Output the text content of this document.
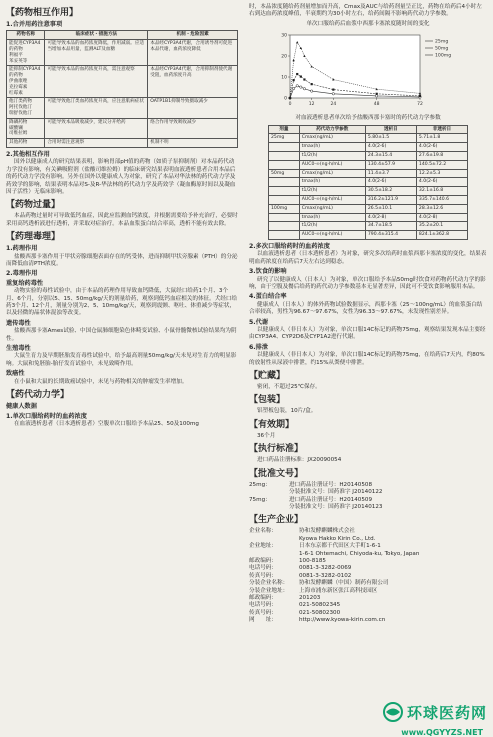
【药物相互作用】
1.合并用药注意事项
药物名称	临床症状・措施方法	机制・危险因素
能促进CYP3A4的药物
利福平
苯妥英等	可能导致本品的血药浓度降低，作用减弱。应适当增加本品用量，监测ALT及血糖	本品经CYP3A4代谢，合用诱导剂可促进本品代谢，血药浓度降低
能抑制CYP3A4的药物
伊曲康唑
克拉霉素
红霉素	可能导致本品的血药浓度升高，需注意观察	本品经CYP3A4代谢，合用抑制剂使代谢受阻，血药浓度升高
他汀类药物
阿托伐他汀
瑞舒伐他汀	可能导致他汀类血药浓度升高，应注意肌病症状	OATP1B1抑制导致摄取减少
降磷药物
碳酸镧
司维拉姆	可能导致本品吸收减少，建议分开给药	络合作用导致吸收减少
其他药物	合用时需注意观察	机制不明
2.其他相互作用

国外以健康成人的研究结果表明，影响胃部pH值的药物（如质子泵抑制剂）对本品药代动力学没有影响，有关碘吸附剂（盐酸司维拉姆）的临床研究结果表明血液透析患者合用本品后的药代动力学没有影响。另外在国外以健康成人为对象，研究了本品对华法林的药代动力学及药效学的影响，结果表明本品对S-及R-华法林的药代动力学及药效学（凝血酶原时间以及凝血因子活性）无临床影响。

【药物过量】

本品药物过量时可导致低钙血症，因此应监测血钙浓度，并根据需要给予补充治疗，必要时采用高钙透析液进行透析，并采取对症治疗。本品血浆蛋白结合率高，透析不能有效去除。

【药理毒理】
1.药理作用

盐酸西那卡塞作用于甲状旁腺细胞表面存在的钙受体，进而抑制甲状旁腺素（PTH）的分泌而降低血清PTH浓度。

2.毒理作用
重复给药毒性

动物实验的毒性试验中，由于本品的药理作用导致血钙降低，大鼠经口给药1个月、3个月、6个月，分别以5、15、50mg/kg/天的剂量给药，观察到低钙血症相关的体征。犬经口给药3个月、12个月，剂量分别为2、5、10mg/kg/天，观察到震颤、呕吐、体重减少等症状，以及轻微的晶状体混浊等改变。

遗传毒性

盐酸西那卡塞Ames试验、中国仓鼠肺细胞染色体畸变试验、小鼠骨髓微核试验结果均为阴性。

生殖毒性

大鼠生育力及早期胚胎发育毒性试验中，给予最高剂量50mg/kg/天未见对生育力的明显影响。大鼠和兔胚胎-胎仔发育试验中，未见致畸作用。

致癌性

在小鼠和大鼠的长期致癌试验中，未见与药物相关的肿瘤发生率增加。

【药代动力学】
健康人数据
1.单次口服给药时的血药浓度

在血液透析患者（日本透析患者）空腹单次口服给予本品25、50及100mg

时，本品浓度随给药剂量增加而升高，Cmax及AUC与给药剂量呈正比，药物在给药后4小时左右到达血药浓度峰值，半衰期约为30小时左右，给药间隔不影响药代动力学参数。

单次口服给药后血浆中西那卡塞浓度随时间的变化
0
10
20
30
0	12	24	48	72
25mg
50mg
100mg
对血液透析患者单次给予盐酸西那卡塞时的药代动力学参数
剂量	药代动力学参数	透析日	非透析日
25mg	Cmax(ng/mL)	5.80±1.5	5.71±1.8
	tmax(h)	4.0(2-6)	4.0(2-6)
	t1/2(h)	24.3±15.4	27.6±19.8
	AUC0-∞(ng·h/mL)	130.4±57.9	140.5±72.2
50mg	Cmax(ng/mL)	11.4±3.7	12.2±5.3
	tmax(h)	4.0(2-6)	4.0(2-6)
	t1/2(h)	30.5±18.2	32.1±16.8
	AUC0-∞(ng·h/mL)	316.2±121.9	335.7±140.6
100mg	Cmax(ng/mL)	26.5±10.1	28.3±12.6
	tmax(h)	4.0(2-8)	4.0(2-8)
	t1/2(h)	34.7±18.5	35.2±20.1
	AUC0-∞(ng·h/mL)	790.4±315.4	824.1±362.8
2.多次口服给药时的血药浓度

以血液透析患者（日本透析患者）为对象，研究多次给药时血浆西那卡塞浓度的变化，结果表明血药浓度在给药后7天左右达到稳态。

3.饮食的影响

研究了以健康成人（日本人）为对象，单次口服给予本品50mg时饮食对药物药代动力学的影响，由于空腹及餐后给药的药代动力学参数基本无显著差异，因此可不受饮食影响服用本品。

4.蛋白结合率

健康成人（日本人）的体外药物试验数据显示，西那卡塞（25～100ng/mL）的血浆蛋白结合率较高，男性为96.67～97.67%，女性为96.33～97.67%，未发现性别差异。

5.代谢

以健康成人（非日本人）为对象，单次口服14C标记的药物75mg，观察结果发现本品主要经由CYP3A4、CYP2D6及CYP1A2进行代谢。

6.排泄

以健康成人（非日本人）为对象，单次口服14C标记的药物75mg，在给药后7天内，约80%的放射性从尿液中排泄，约15%从粪便中排泄。

【贮藏】

密闭，不超过25℃保存。

【包装】

铝塑板包装，10片/盒。

【有效期】

36个月

【执行标准】

进口药品注册标准：JX20090054

【批准文号】
25mg：	进口药品注册证号：H20140508
分装批准文号：国药准字 J20140122
75mg：	进口药品注册证号：H20140509
分装批准文号：国药准字 J20140123
【生产企业】
企业名称：	协和发酵麒麟株式会社
Kyowa Hakko Kirin Co., Ltd.
企业地址：	日本东京都千代田区大手町1-6-1
1-6-1 Ohtemachi, Chiyoda-ku, Tokyo, Japan
邮政编码：	100-8185
电话号码：	0081-3-3282-0069
传真号码：	0081-3-3282-0102
分装企业名称：	协和发酵麒麟（中国）制药有限公司
分装企业地址：	上海市浦东新区张江高科技园区
邮政编码：	201203
电话号码：	021-50802345
传真号码：	021-50802300
网　　址：	http://www.kyowa-kirin.com.cn
环球医药网
www.QGYYZS.NET
